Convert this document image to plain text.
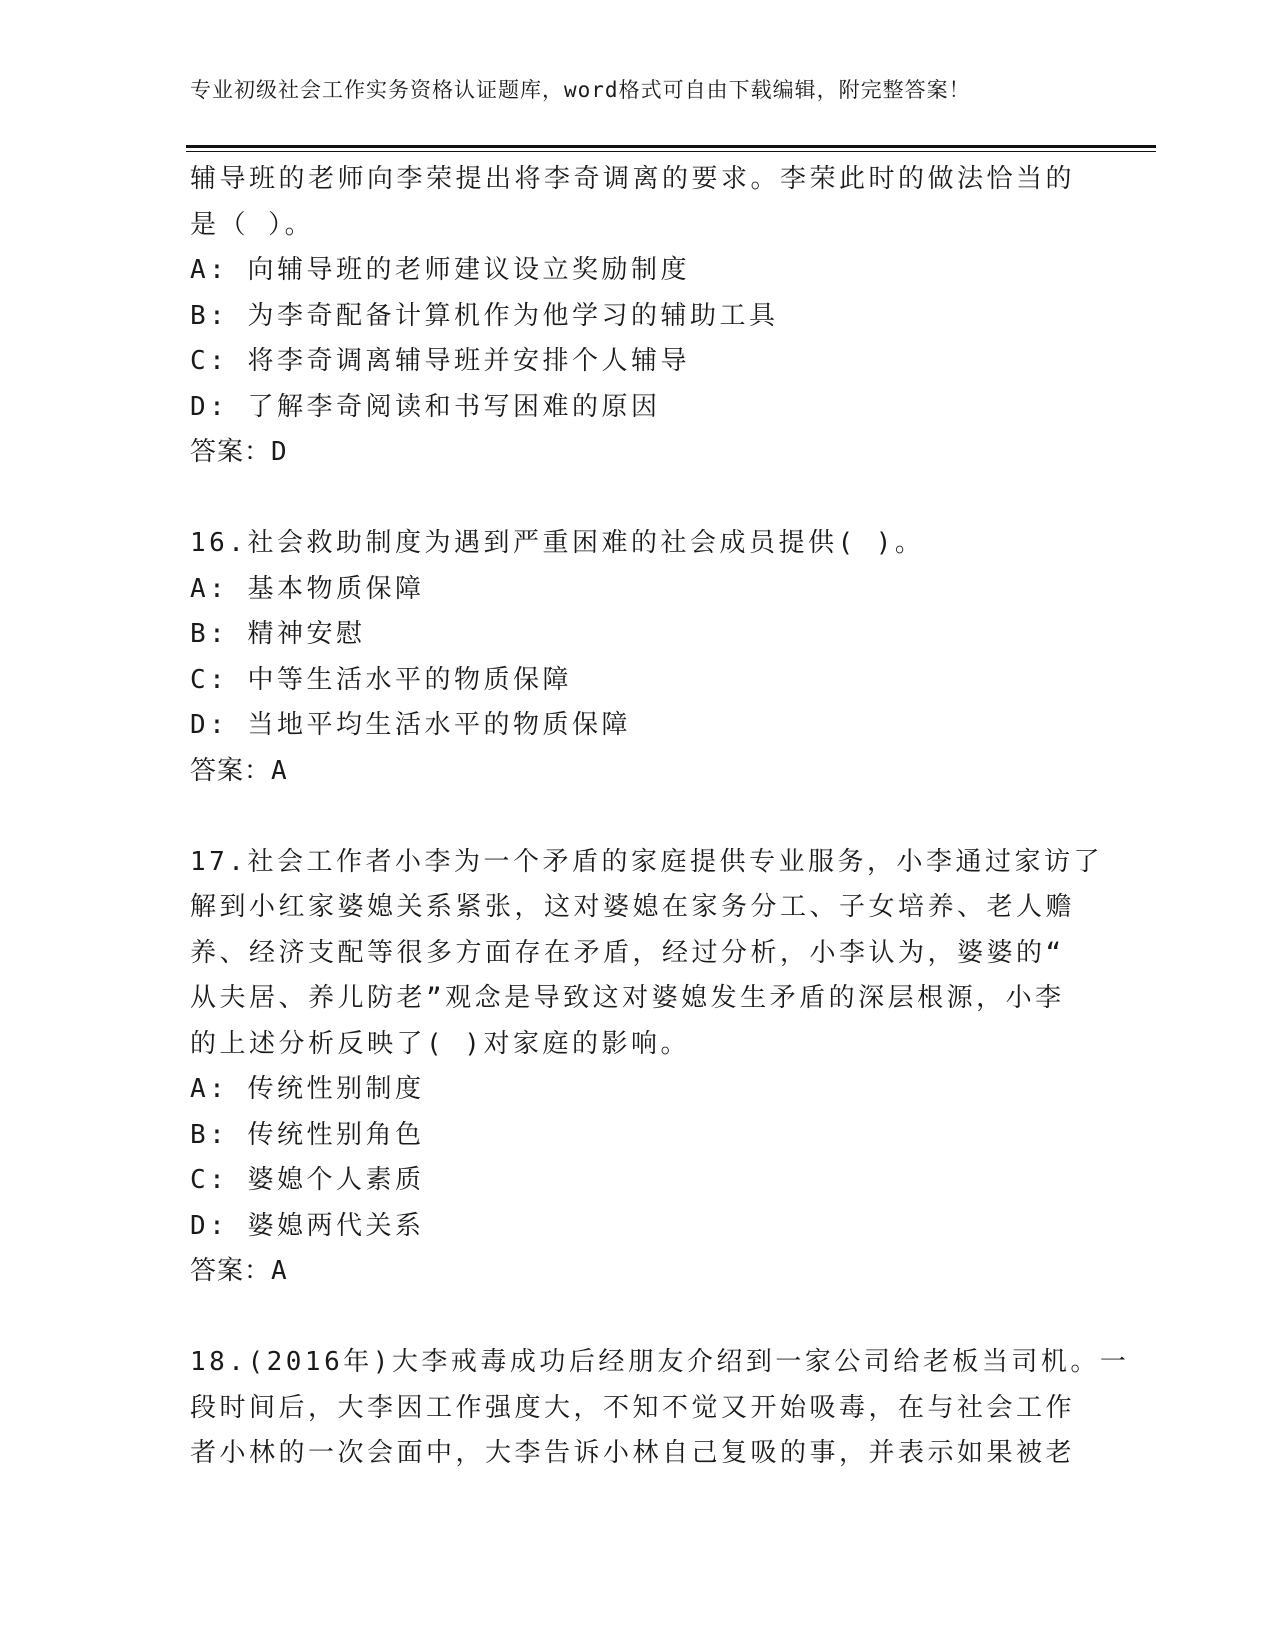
专业初级社会工作实务资格认证题库，word格式可自由下载编辑，附完整答案！
辅导班的老师向李荣提出将李奇调离的要求。李荣此时的做法恰当的
是（ ）。
A: 向辅导班的老师建议设立奖励制度
B: 为李奇配备计算机作为他学习的辅助工具
C: 将李奇调离辅导班并安排个人辅导
D: 了解李奇阅读和书写困难的原因
答案：D
16.社会救助制度为遇到严重困难的社会成员提供( )。
A: 基本物质保障
B: 精神安慰
C: 中等生活水平的物质保障
D: 当地平均生活水平的物质保障
答案：A
17.社会工作者小李为一个矛盾的家庭提供专业服务，小李通过家访了
解到小红家婆媳关系紧张，这对婆媳在家务分工、子女培养、老人赡
养、经济支配等很多方面存在矛盾，经过分析，小李认为，婆婆的“
从夫居、养儿防老”观念是导致这对婆媳发生矛盾的深层根源，小李
的上述分析反映了( )对家庭的影响。
A: 传统性别制度
B: 传统性别角色
C: 婆媳个人素质
D: 婆媳两代关系
答案：A
18.(2016年)大李戒毒成功后经朋友介绍到一家公司给老板当司机。一
段时间后，大李因工作强度大，不知不觉又开始吸毒，在与社会工作
者小林的一次会面中，大李告诉小林自己复吸的事，并表示如果被老
